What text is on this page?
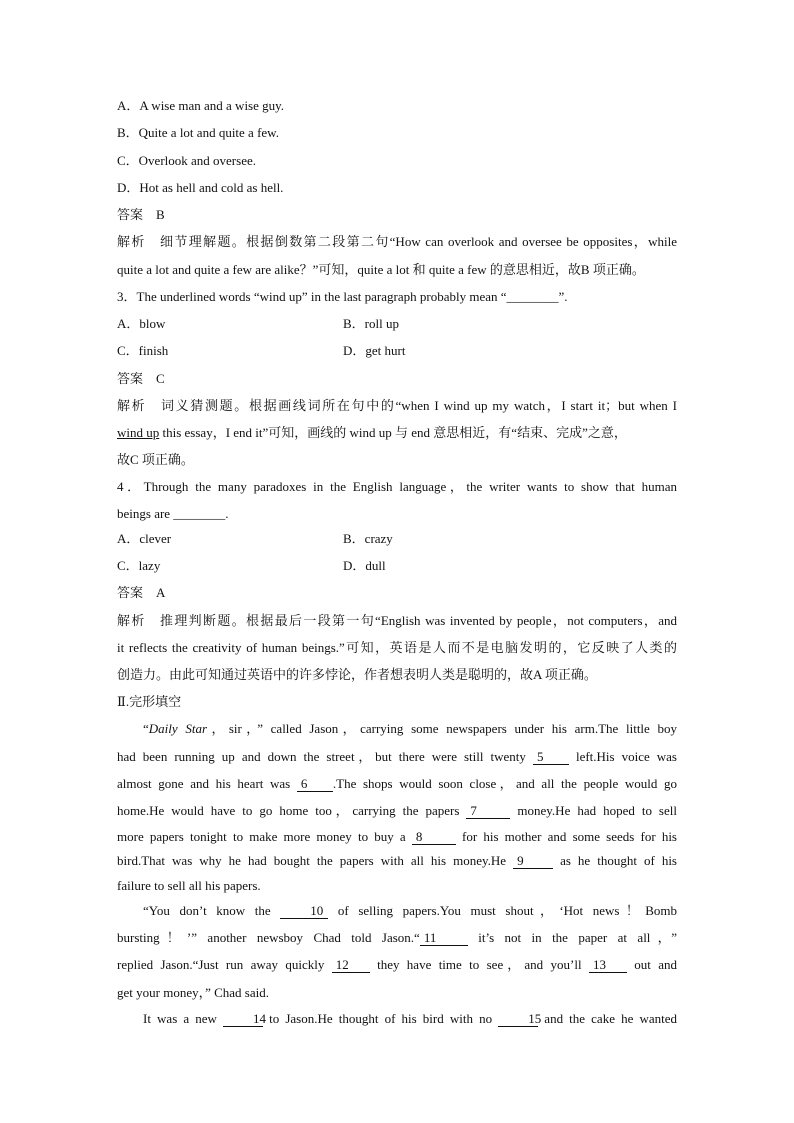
A．A wise man and a wise guy.
B．Quite a lot and quite a few.
C．Overlook and oversee.
D．Hot as hell and cold as hell.
答案　B
解析　细节理解题。根据倒数第二段第二句“How can overlook and oversee be opposites，while
quite a lot and quite a few are alike？”可知，quite a lot 和 quite a few 的意思相近，故B 项正确。
3．The underlined words “wind up” in the last paragraph probably mean “________”.
A．blow	B．roll up
C．finish	D．get hurt
答案　C
解析　词义猜测题。根据画线词所在句中的“when I wind up my watch，I start it；but when I
wind up this essay，I end it”可知，画线的 wind up 与 end 意思相近，有“结束、完成”之意，
故C 项正确。
4．Through the many paradoxes in the English language，the writer wants to show that human
beings are ________.
A．clever	B．crazy
C．lazy	D．dull
答案　A
解析　推理判断题。根据最后一段第一句“English was invented by people，not computers，and
it reflects the creativity of human beings.”可知，英语是人而不是电脑发明的，它反映了人类的
创造力。由此可知通过英语中的许多悖论，作者想表明人类是聪明的，故A 项正确。
Ⅱ.完形填空
“Daily Star，sir，” called Jason，carrying some newspapers under his arm.The little boy
had been running up and down the street，but there were still twenty 5 left.His voice was
almost gone and his heart was 6 .The shops would soon close，and all the people would go
home.He would have to go home too，carrying the papers 7	money.He had hoped to sell
more papers tonight to make more money to buy a 8	for his mother and some seeds for his
bird.That was why he had bought the papers with all his money.He 9 as he thought of his
failure to sell all his papers.
“You don’t know the 10 of selling papers.You must shout，‘Hot news！Bomb
bursting！’” another newsboy Chad told Jason.“ 11 it’s not in the paper at all，”
replied Jason.“Just run away quickly 12 they have time to see，and you’ll 13 out and
get your money，” Chad said.
It was a new 14 to Jason.He thought of his bird with no 15 and the cake he wanted
